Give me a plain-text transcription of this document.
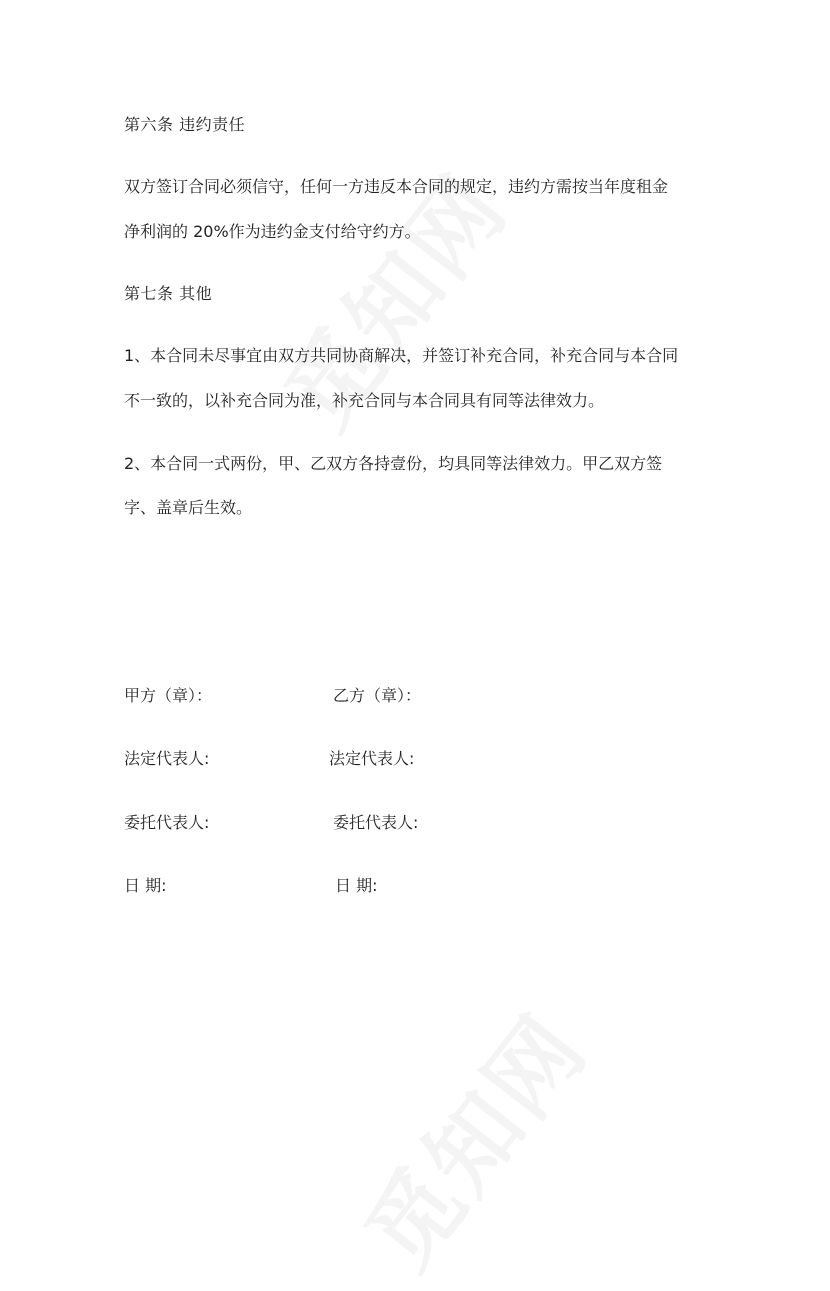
第六条 违约责任
双方签订合同必须信守，任何一方违反本合同的规定，违约方需按当年度租金
净利润的 20%作为违约金支付给守约方。
第七条 其他
1、本合同未尽事宜由双方共同协商解决，并签订补充合同，补充合同与本合同
不一致的，以补充合同为准，补充合同与本合同具有同等法律效力。
2、本合同一式两份，甲、乙双方各持壹份，均具同等法律效力。甲乙双方签
字、盖章后生效。
甲方（章）：
法定代表人:
委托代表人:
日 期:
乙方（章）：
法定代表人:
委托代表人:
日 期:
